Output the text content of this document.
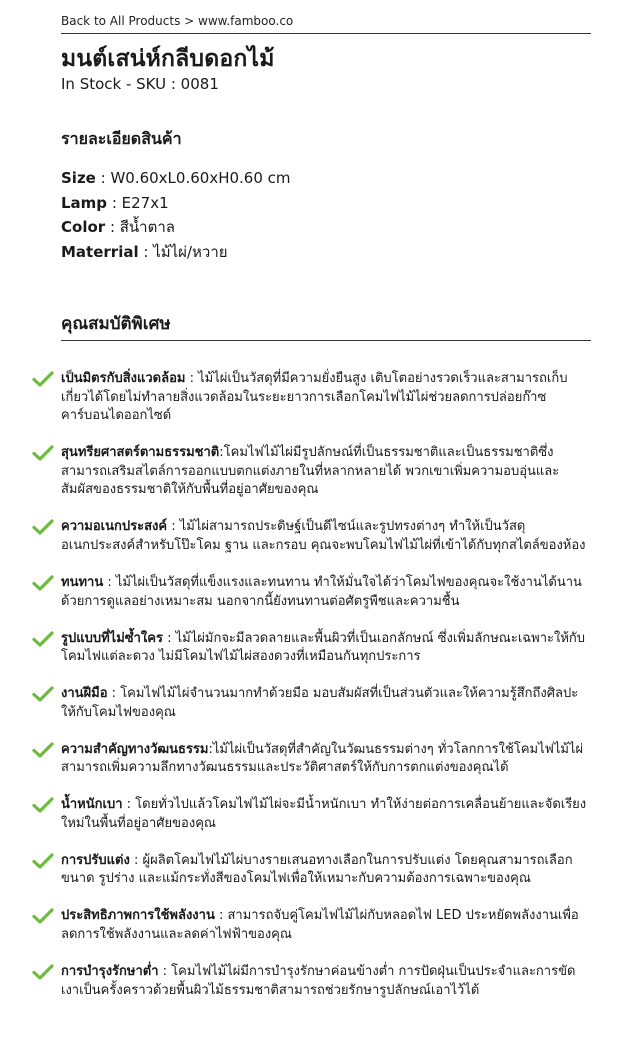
Back to All Products > www.famboo.co
มนต์เสน่ห์กลีบดอกไม้
In Stock - SKU : 0081
รายละเอียดสินค้า
Size : W0.60xL0.60xH0.60 cm
Lamp : E27x1
Color : สีน้ำตาล
Materrial : ไม้ไผ่/หวาย
คุณสมบัติพิเศษ
เป็นมิตรกับสิ่งแวดล้อม : ไม้ไผ่เป็นวัสดุที่มีความยั่งยืนสูง เติบโตอย่างรวดเร็วและสามารถเก็บเกี่ยวได้โดยไม่ทำลายสิ่งแวดล้อมในระยะยาวการเลือกโคมไฟไม้ไผ่ช่วยลดการปล่อยก๊าซคาร์บอนไดออกไซด์
สุนทรียศาสตร์ตามธรรมชาติ:โคมไฟไม้ไผ่มีรูปลักษณ์ที่เป็นธรรมชาติและเป็นธรรมชาติซึ่งสามารถเสริมสไตล์การออกแบบตกแต่งภายในที่หลากหลายได้ พวกเขาเพิ่มความอบอุ่นและสัมผัสของธรรมชาติให้กับพื้นที่อยู่อาศัยของคุณ
ความอเนกประสงค์ : ไม้ไผ่สามารถประดิษฐ์เป็นดีไซน์และรูปทรงต่างๆ ทำให้เป็นวัสดุอเนกประสงค์สำหรับโป๊ะโคม ฐาน และกรอบ คุณจะพบโคมไฟไม้ไผ่ที่เข้าได้กับทุกสไตล์ของห้อง
ทนทาน : ไม้ไผ่เป็นวัสดุที่แข็งแรงและทนทาน ทำให้มั่นใจได้ว่าโคมไฟของคุณจะใช้งานได้นานด้วยการดูแลอย่างเหมาะสม นอกจากนี้ยังทนทานต่อศัตรูพืชและความชื้น
รูปแบบที่ไม่ซ้ำใคร : ไม้ไผ่มักจะมีลวดลายและพื้นผิวที่เป็นเอกลักษณ์ ซึ่งเพิ่มลักษณะเฉพาะให้กับโคมไฟแต่ละดวง ไม่มีโคมไฟไม้ไผ่สองดวงที่เหมือนกันทุกประการ
งานฝีมือ : โคมไฟไม้ไผ่จำนวนมากทำด้วยมือ มอบสัมผัสที่เป็นส่วนตัวและให้ความรู้สึกถึงศิลปะให้กับโคมไฟของคุณ
ความสำคัญทางวัฒนธรรม:ไม้ไผ่เป็นวัสดุที่สำคัญในวัฒนธรรมต่างๆ ทั่วโลกการใช้โคมไฟไม้ไผ่สามารถเพิ่มความลึกทางวัฒนธรรมและประวัติศาสตร์ให้กับการตกแต่งของคุณได้
น้ำหนักเบา : โดยทั่วไปแล้วโคมไฟไม้ไผ่จะมีน้ำหนักเบา ทำให้ง่ายต่อการเคลื่อนย้ายและจัดเรียงใหม่ในพื้นที่อยู่อาศัยของคุณ
การปรับแต่ง : ผู้ผลิตโคมไฟไม้ไผ่บางรายเสนอทางเลือกในการปรับแต่ง โดยคุณสามารถเลือกขนาด รูปร่าง และแม้กระทั่งสีของโคมไฟเพื่อให้เหมาะกับความต้องการเฉพาะของคุณ
ประสิทธิภาพการใช้พลังงาน : สามารถจับคู่โคมไฟไม้ไผ่กับหลอดไฟ LED ประหยัดพลังงานเพื่อลดการใช้พลังงานและลดค่าไฟฟ้าของคุณ
การบำรุงรักษาต่ำ : โคมไฟไม้ไผ่มีการบำรุงรักษาค่อนข้างต่ำ การปัดฝุ่นเป็นประจำและการขัดเงาเป็นครั้งคราวด้วยพื้นผิวไม้ธรรมชาติสามารถช่วยรักษารูปลักษณ์เอาไว้ได้
